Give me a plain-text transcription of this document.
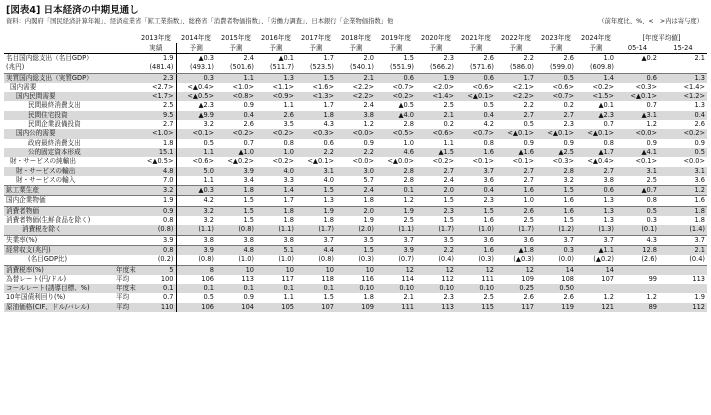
[図表4] 日本経済の中期見通し
資料：内閣府「国民経済計算年報」、経済産業省「鉱工業指数」、総務省「消費者物価指数」、「労働力調査」、日本銀行「企業物価指数」他	（前年度比、%、<　>内は寄与度）
		2013年度	2014年度	2015年度	2016年度	2017年度	2018年度	2019年度	2020年度	2021年度	2022年度	2023年度	2024年度	[年度平均値]	
		実績	予測	予測	予測	予測	予測	予測	予測	予測	予測	予測	予測	05-14	15-24
名目国内総支出（名目GDP）		1.9	▲0.3	2.4	▲0.1	1.7	2.0	1.5	2.3	2.6	2.2	2.6	1.0	▲0.2	2.1
(兆円)		(481.4)	(493.1)	(501.6)	(511.7)	(523.5)	(540.1)	(551.9)	(566.2)	(571.6)	(586.0)	(599.0)	(609.8)		
実質国内総支出（実質GDP）		2.3	0.3	1.1	1.3	1.5	2.1	0.6	1.9	0.6	1.7	0.5	1.4	0.6	1.3
国内需要		<2.7>	<▲0.4>	<1.0>	<1.1>	<1.6>	<2.2>	<0.7>	<2.0>	<0.6>	<2.1>	<0.6>	<0.2>	<0.3>	<1.4>
国内民間需要		<1.7>	<▲0.5>	<0.8>	<0.9>	<1.3>	<2.2>	<0.2>	<1.4>	<▲0.1>	<2.2>	<0.7>	<1.5>	<▲0.1>	<1.2>
民間最終消費支出		2.5	▲2.3	0.9	1.1	1.7	2.4	▲0.5	2.5	0.5	2.2	0.2	▲0.1	0.7	1.3
民間住宅投資		9.5	▲9.9	0.4	2.6	1.8	3.8	▲4.0	2.1	0.4	2.7	2.7	▲2.3	▲3.1	0.4
民間企業設備投資		2.7	3.2	2.6	3.5	4.3	1.2	2.8	0.2	4.2	0.5	2.3	0.7	1.2	2.6
国内公的需要		<1.0>	<0.1>	<0.2>	<0.2>	<0.3>	<0.0>	<0.5>	<0.6>	<0.7>	<▲0.1>	<▲0.1>	<▲0.1>	<0.0>	<0.2>
政府最終消費支出		1.8	0.5	0.7	0.8	0.6	0.9	1.0	1.1	0.8	0.9	0.9	0.8	0.9	0.9
公的固定資本形成		15.1	1.1	▲1.0	1.0	2.2	2.2	4.6	▲1.5	1.6	▲1.6	▲2.5	▲1.7	▲4.1	0.5
財・サービスの純輸出		<▲0.5>	<0.6>	<▲0.2>	<0.2>	<▲0.1>	<0.0>	<▲0.0>	<0.2>	<0.1>	<0.1>	<0.3>	<▲0.4>	<0.1>	<0.0>
財・サービスの輸出		4.8	5.0	3.9	4.0	3.1	3.0	2.8	2.7	3.7	2.7	2.8	2.7	3.1	3.1
財・サービスの輸入		7.0	1.1	3.4	3.3	4.0	5.7	2.8	2.4	3.6	2.7	3.2	3.8	2.5	3.6
鉱工業生産		3.2	▲0.3	1.8	1.4	1.5	2.4	0.1	2.0	0.4	1.6	1.5	0.6	▲0.7	1.2
国内企業物価		1.9	4.2	1.5	1.7	1.3	1.8	1.2	1.5	2.3	1.0	1.6	1.3	0.8	1.6
消費者物価		0.9	3.2	1.5	1.8	1.9	2.0	1.9	2.3	1.5	2.6	1.6	1.3	0.5	1.8
消費者物価(生鮮食品を除く)		0.8	3.2	1.5	1.8	1.8	1.9	2.5	1.5	1.6	2.5	1.5	1.3	0.3	1.8
消費税を除く		(0.8)	(1.1)	(0.8)	(1.1)	(1.7)	(2.0)	(1.1)	(1.7)	(1.0)	(1.7)	(1.2)	(1.3)	(0.1)	(1.4)
失業率(%)		3.9	3.8	3.8	3.8	3.7	3.5	3.7	3.5	3.6	3.6	3.7	3.7	4.3	3.7
経常収支(兆円)		0.8	3.9	4.8	5.1	4.4	1.5	3.9	2.2	1.6	▲1.8	0.3	▲1.1	12.8	2.1
(名目GDP比)		(0.2)	(0.8)	(1.0)	(1.0)	(0.8)	(0.3)	(0.7)	(0.4)	(0.3)	(▲0.3)	(0.0)	(▲0.2)	(2.6)	(0.4)
消費税率(%)	年度末	5	8	10	10	10	10	12	12	12	12	14	14		
為替レート(円/ドル)	平均	100	106	113	117	118	116	114	112	111	109	108	107	99	113
コールレート(誘導目標、%)	年度末	0.1	0.1	0.1	0.1	0.1	0.10	0.10	0.10	0.10	0.25	0.50			
10年国債利回り(%)	平均	0.7	0.5	0.9	1.1	1.5	1.8	2.1	2.3	2.5	2.6	2.6	1.2	1.2	1.9
原油価格(CIF、ドル/バレル)	平均	110	106	104	105	107	109	111	113	115	117	119	121	89	112
